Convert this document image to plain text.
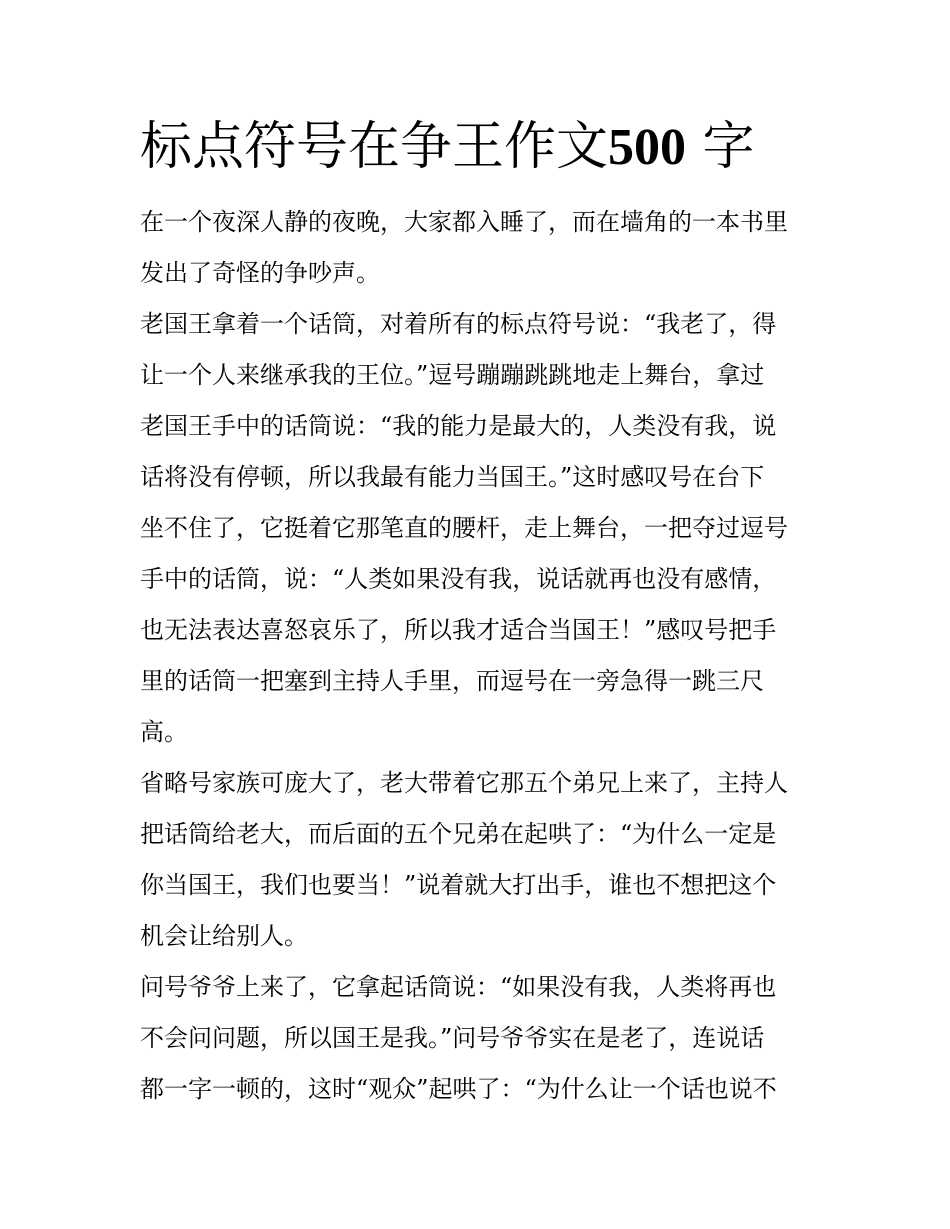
标点符号在争王作文500 字
在一个夜深人静的夜晚，大家都入睡了，而在墙角的一本书里
发出了奇怪的争吵声。
老国王拿着一个话筒，对着所有的标点符号说：“我老了，得
让一个人来继承我的王位。”逗号蹦蹦跳跳地走上舞台，拿过
老国王手中的话筒说：“我的能力是最大的，人类没有我，说
话将没有停顿，所以我最有能力当国王。”这时感叹号在台下
坐不住了，它挺着它那笔直的腰杆，走上舞台，一把夺过逗号
手中的话筒，说：“人类如果没有我，说话就再也没有感情，
也无法表达喜怒哀乐了，所以我才适合当国王！”感叹号把手
里的话筒一把塞到主持人手里，而逗号在一旁急得一跳三尺
高。
省略号家族可庞大了，老大带着它那五个弟兄上来了，主持人
把话筒给老大，而后面的五个兄弟在起哄了：“为什么一定是
你当国王，我们也要当！”说着就大打出手，谁也不想把这个
机会让给别人。
问号爷爷上来了，它拿起话筒说：“如果没有我，人类将再也
不会问问题，所以国王是我。”问号爷爷实在是老了，连说话
都一字一顿的，这时“观众”起哄了：“为什么让一个话也说不
